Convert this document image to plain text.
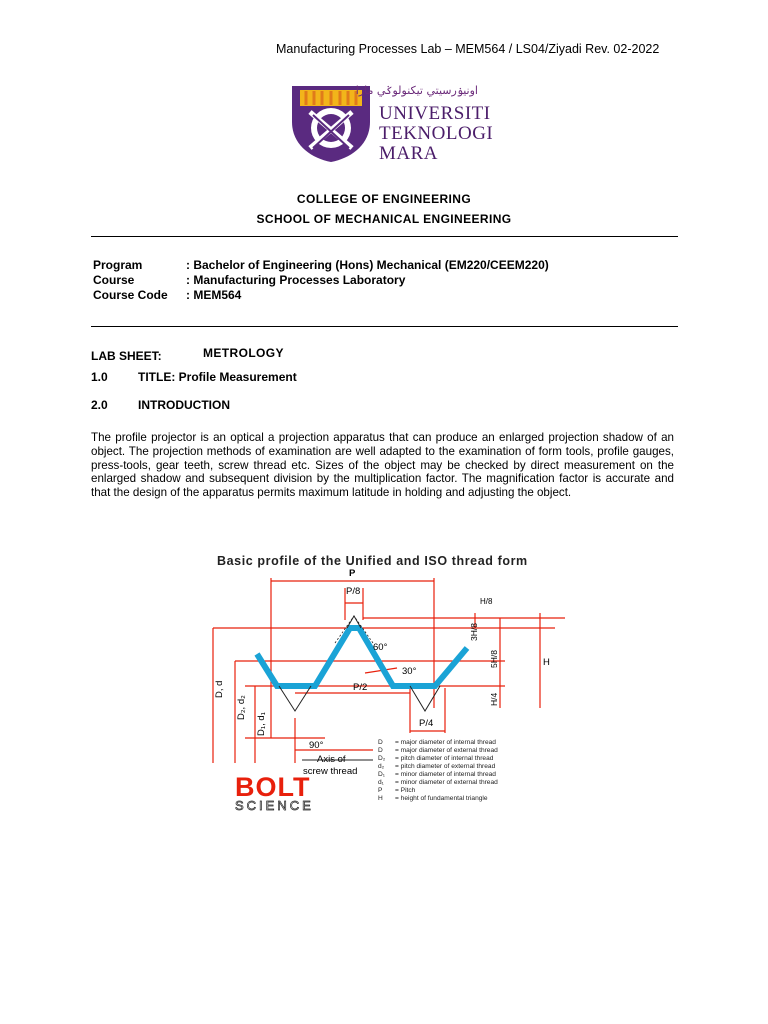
Manufacturing Processes Lab – MEM564 / LS04/Ziyadi Rev. 02-2022
اونيۏرسيتي تيکنولوݢي مارا
UNIVERSITI
TEKNOLOGI
MARA
COLLEGE OF ENGINEERING
SCHOOL OF MECHANICAL ENGINEERING
Program	: Bachelor of Engineering (Hons) Mechanical (EM220/CEEM220)
Course	: Manufacturing Processes Laboratory
Course Code	: MEM564
LAB SHEET:	METROLOGY
1.0	TITLE: Profile Measurement
2.0	INTRODUCTION
The profile projector is an optical a projection apparatus that can produce an enlarged projection shadow of an object. The projection methods of examination are well adapted to the examination of form tools, profile gauges, press-tools, gear teeth, screw thread etc. Sizes of the object may be checked by direct measurement on the enlarged shadow and subsequent division by the multiplication factor. The magnification factor is accurate and that the design of the apparatus permits maximum latitude in holding and adjusting the object.
Basic profile of the Unified and ISO thread form
P
P/8
H/8
H
60°
30°
P/2
P/4
90°
Axis of
screw thread
3H/8
5H/8
H/4
D, d
D₂, d₂
D₁, d₁
D = major diameter of internal thread
D = major diameter of external thread
D₂ = pitch diameter of internal thread
d₂ = pitch diameter of external thread
D₁ = minor diameter of internal thread
d₁ = minor diameter of external thread
P = Pitch
H = height of fundamental triangle
BOLT
SCIENCE
